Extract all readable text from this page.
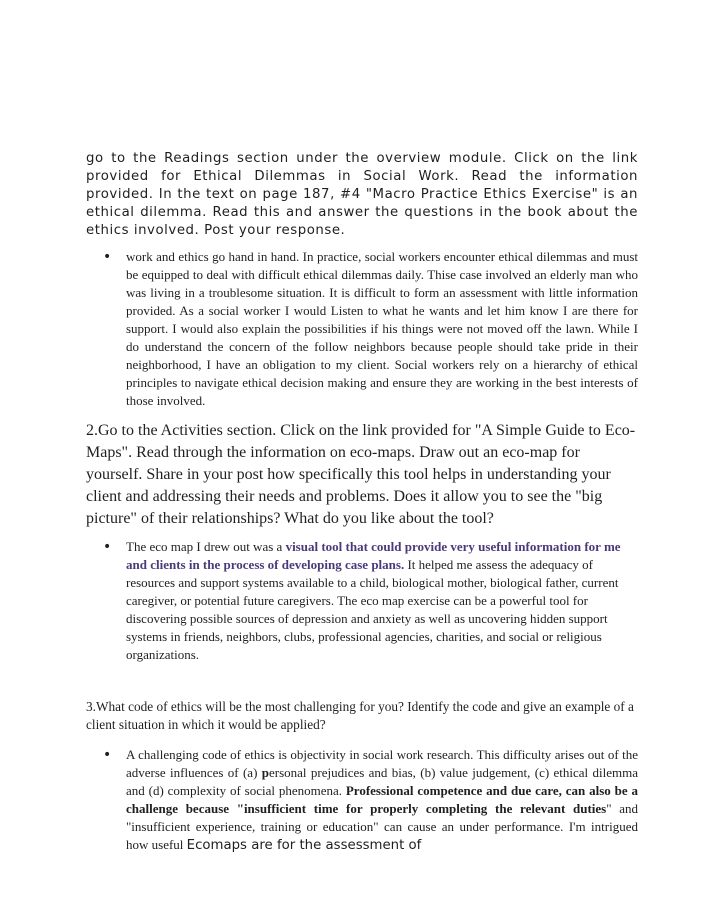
go to the Readings section under the overview module. Click on the link provided for Ethical Dilemmas in Social Work. Read the information provided. In the text on page 187, #4 "Macro Practice Ethics Exercise" is an ethical dilemma. Read this and answer the questions in the book about the ethics involved. Post your response.

• work and ethics go hand in hand. In practice, social workers encounter ethical dilemmas and must be equipped to deal with difficult ethical dilemmas daily. Thise case involved an elderly man who was living in a troublesome situation. It is difficult to form an assessment with little information provided. As a social worker I would Listen to what he wants and let him know I are there for support. I would also explain the possibilities if his things were not moved off the lawn. While I do understand the concern of the follow neighbors because people should take pride in their neighborhood, I have an obligation to my client. Social workers rely on a hierarchy of ethical principles to navigate ethical decision making and ensure they are working in the best interests of those involved.

2.Go to the Activities section. Click on the link provided for "A Simple Guide to Eco-Maps". Read through the information on eco-maps. Draw out an eco-map for yourself. Share in your post how specifically this tool helps in understanding your client and addressing their needs and problems. Does it allow you to see the "big picture" of their relationships? What do you like about the tool?

• The eco map I drew out was a visual tool that could provide very useful information for me and clients in the process of developing case plans. It helped me assess the adequacy of resources and support systems available to a child, biological mother, biological father, current caregiver, or potential future caregivers. The eco map exercise can be a powerful tool for discovering possible sources of depression and anxiety as well as uncovering hidden support systems in friends, neighbors, clubs, professional agencies, charities, and social or religious organizations.

3.What code of ethics will be the most challenging for you? Identify the code and give an example of a client situation in which it would be applied?

• A challenging code of ethics is objectivity in social work research. This difficulty arises out of the adverse influences of (a) personal prejudices and bias, (b) value judgement, (c) ethical dilemma and (d) complexity of social phenomena. Professional competence and due care, can also be a challenge because "insufficient time for properly completing the relevant duties" and "insufficient experience, training or education" can cause an under performance. I'm intrigued how useful Ecomaps are for the assessment of
